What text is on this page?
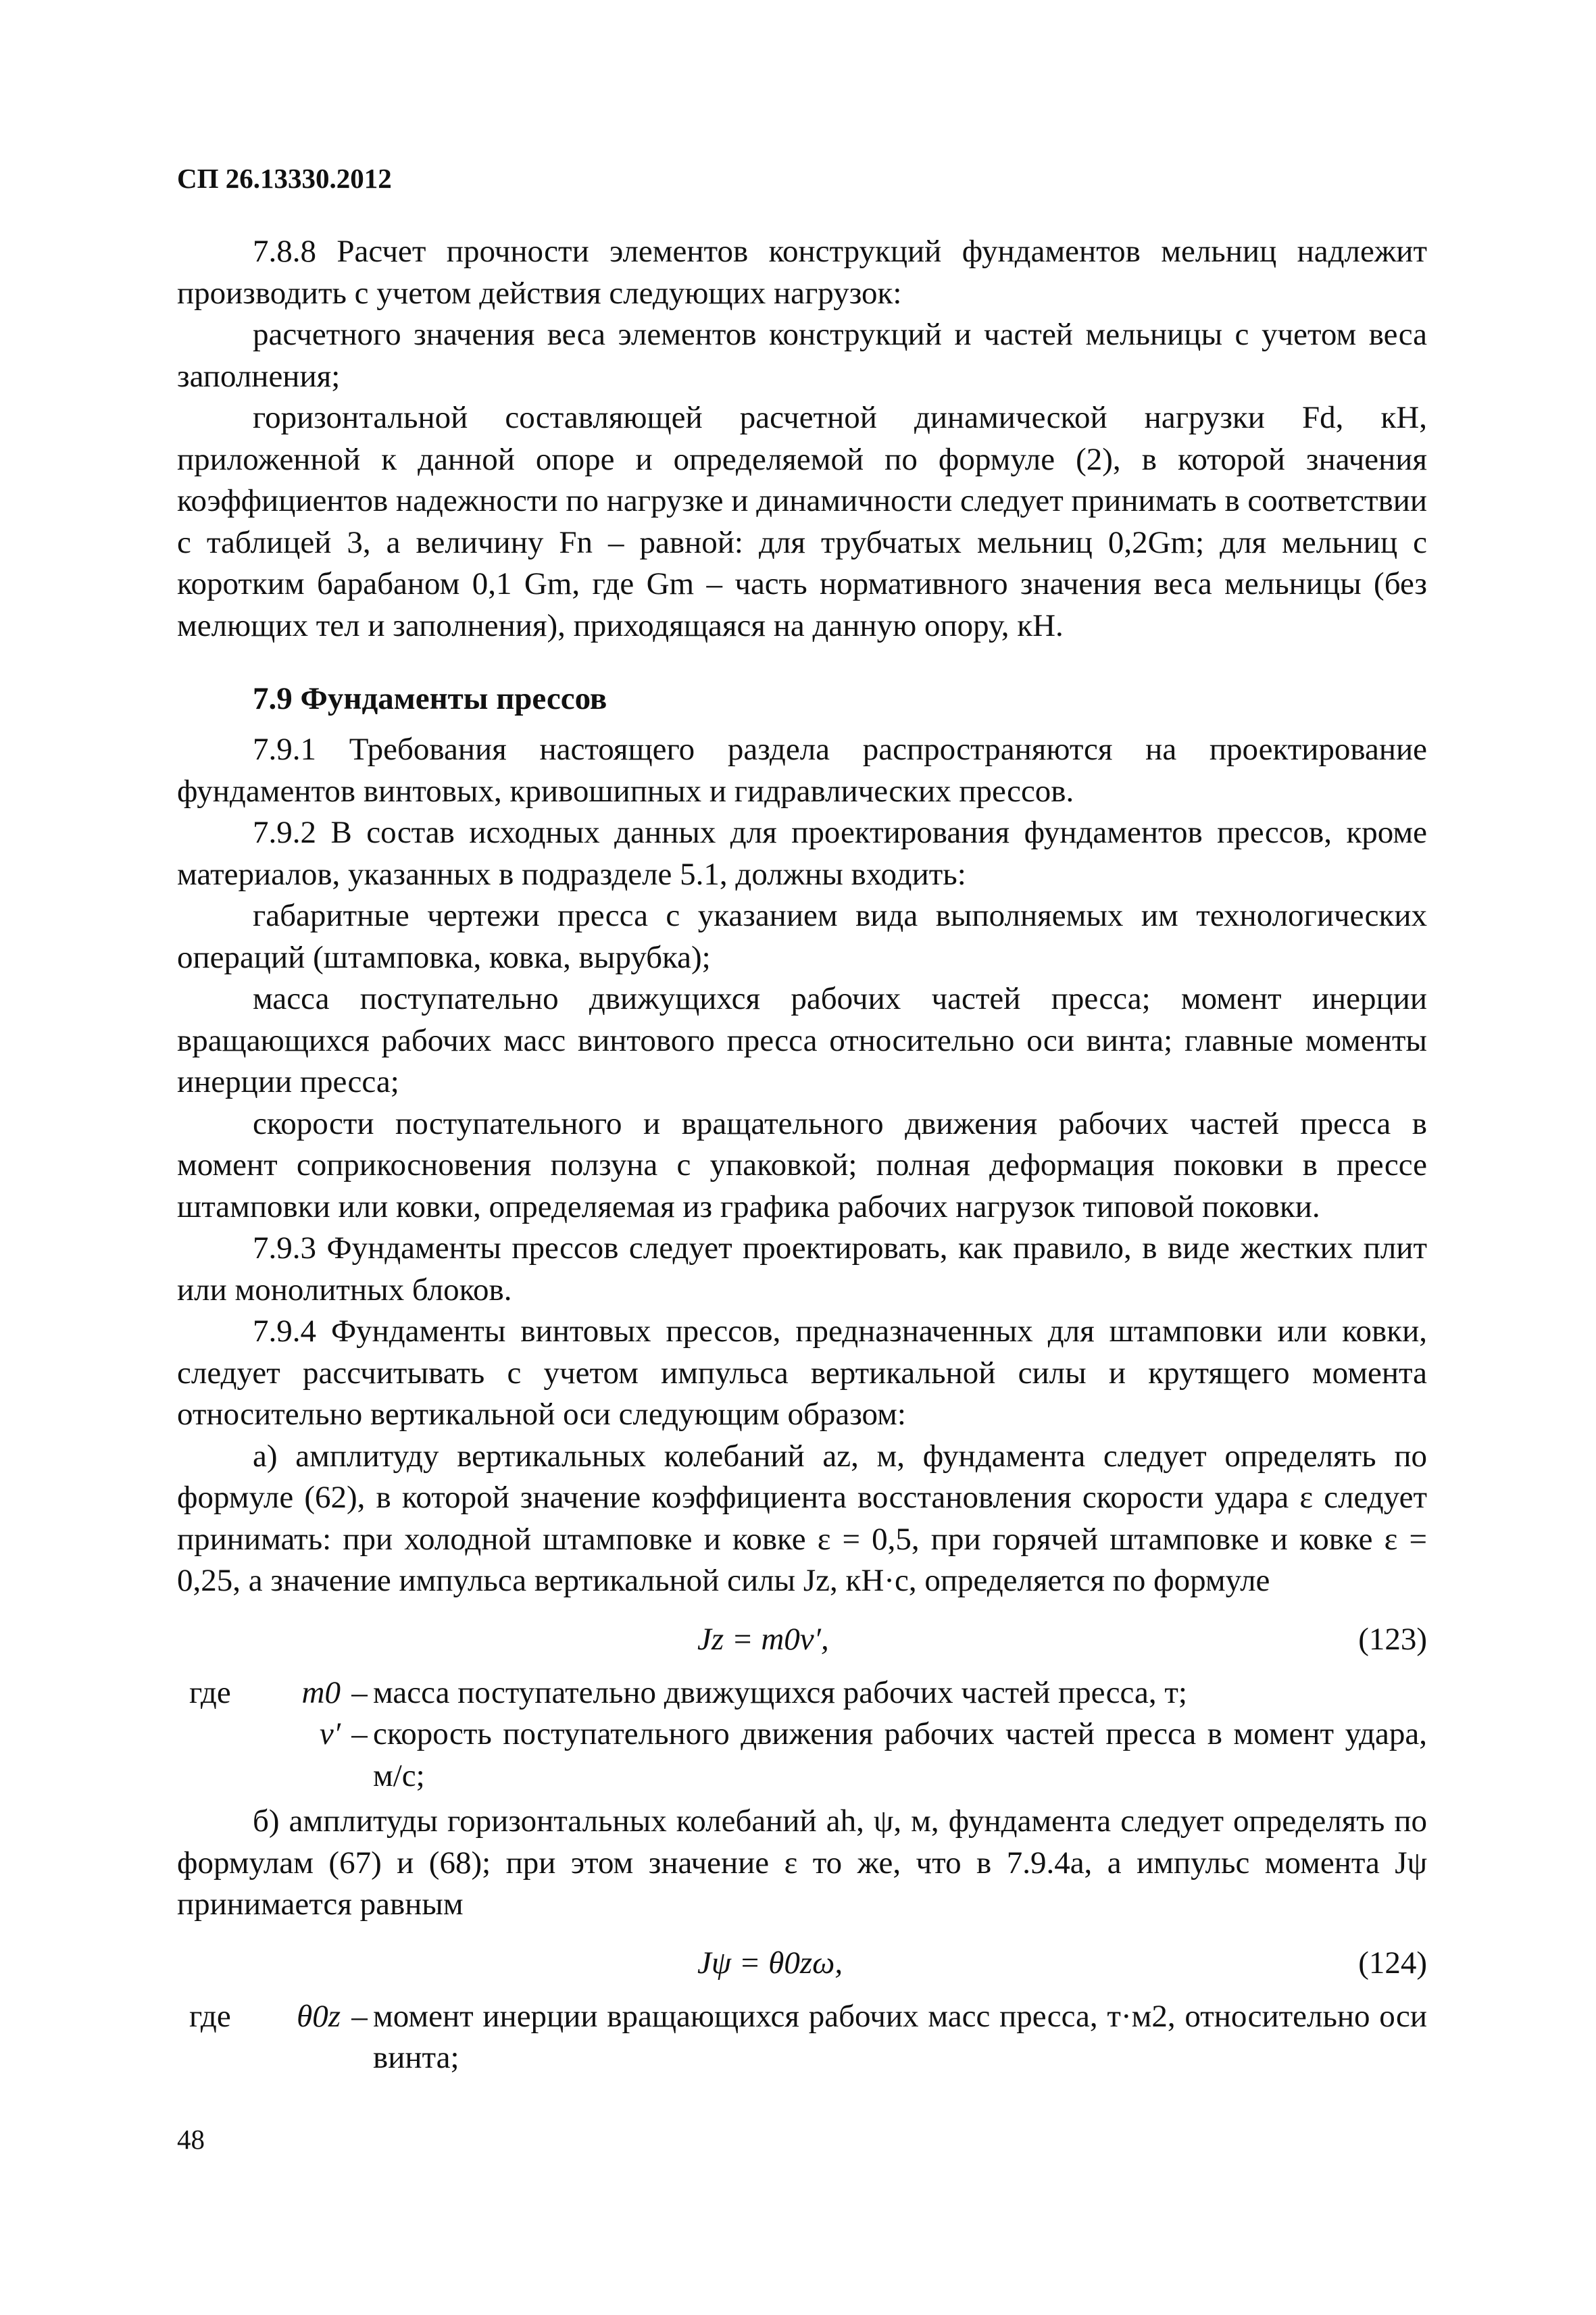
СП 26.13330.2012

7.8.8 Расчет прочности элементов конструкций фундаментов мельниц надлежит производить с учетом действия следующих нагрузок:

расчетного значения веса элементов конструкций и частей мельницы с учетом веса заполнения;

горизонтальной составляющей расчетной динамической нагрузки Fd, кН, приложенной к данной опоре и определяемой по формуле (2), в которой значения коэффициентов надежности по нагрузке и динамичности следует принимать в соответствии с таблицей 3, а величину Fn – равной: для трубчатых мельниц 0,2Gm; для мельниц с коротким барабаном 0,1 Gm, где Gm – часть нормативного значения веса мельницы (без мелющих тел и заполнения), приходящаяся на данную опору, кН.

7.9 Фундаменты прессов

7.9.1 Требования настоящего раздела распространяются на проектирование фундаментов винтовых, кривошипных и гидравлических прессов.

7.9.2 В состав исходных данных для проектирования фундаментов прессов, кроме материалов, указанных в подразделе 5.1, должны входить:

габаритные чертежи пресса с указанием вида выполняемых им технологических операций (штамповка, ковка, вырубка);

масса поступательно движущихся рабочих частей пресса; момент инерции вращающихся рабочих масс винтового пресса относительно оси винта; главные моменты инерции пресса;

скорости поступательного и вращательного движения рабочих частей пресса в момент соприкосновения ползуна с упаковкой; полная деформация поковки в прессе штамповки или ковки, определяемая из графика рабочих нагрузок типовой поковки.

7.9.3 Фундаменты прессов следует проектировать, как правило, в виде жестких плит или монолитных блоков.

7.9.4 Фундаменты винтовых прессов, предназначенных для штамповки или ковки, следует рассчитывать с учетом импульса вертикальной силы и крутящего момента относительно вертикальной оси следующим образом:

а) амплитуду вертикальных колебаний az, м, фундамента следует определять по формуле (62), в которой значение коэффициента восстановления скорости удара ε следует принимать: при холодной штамповке и ковке ε = 0,5, при горячей штамповке и ковке ε = 0,25, а значение импульса вертикальной силы Jz, кН·с, определяется по формуле

Jz = m0v′,	(123)
где	m0 – масса поступательно движущихся рабочих частей пресса, т;
v′ – скорость поступательного движения рабочих частей пресса в момент удара, м/с;

б) амплитуды горизонтальных колебаний ah, ψ, м, фундамента следует определять по формулам (67) и (68); при этом значение ε то же, что в 7.9.4а, а импульс момента Jψ принимается равным

Jψ = θ0zω,	(124)
где	θ0z – момент инерции вращающихся рабочих масс пресса, т·м2, относительно оси винта;
48
